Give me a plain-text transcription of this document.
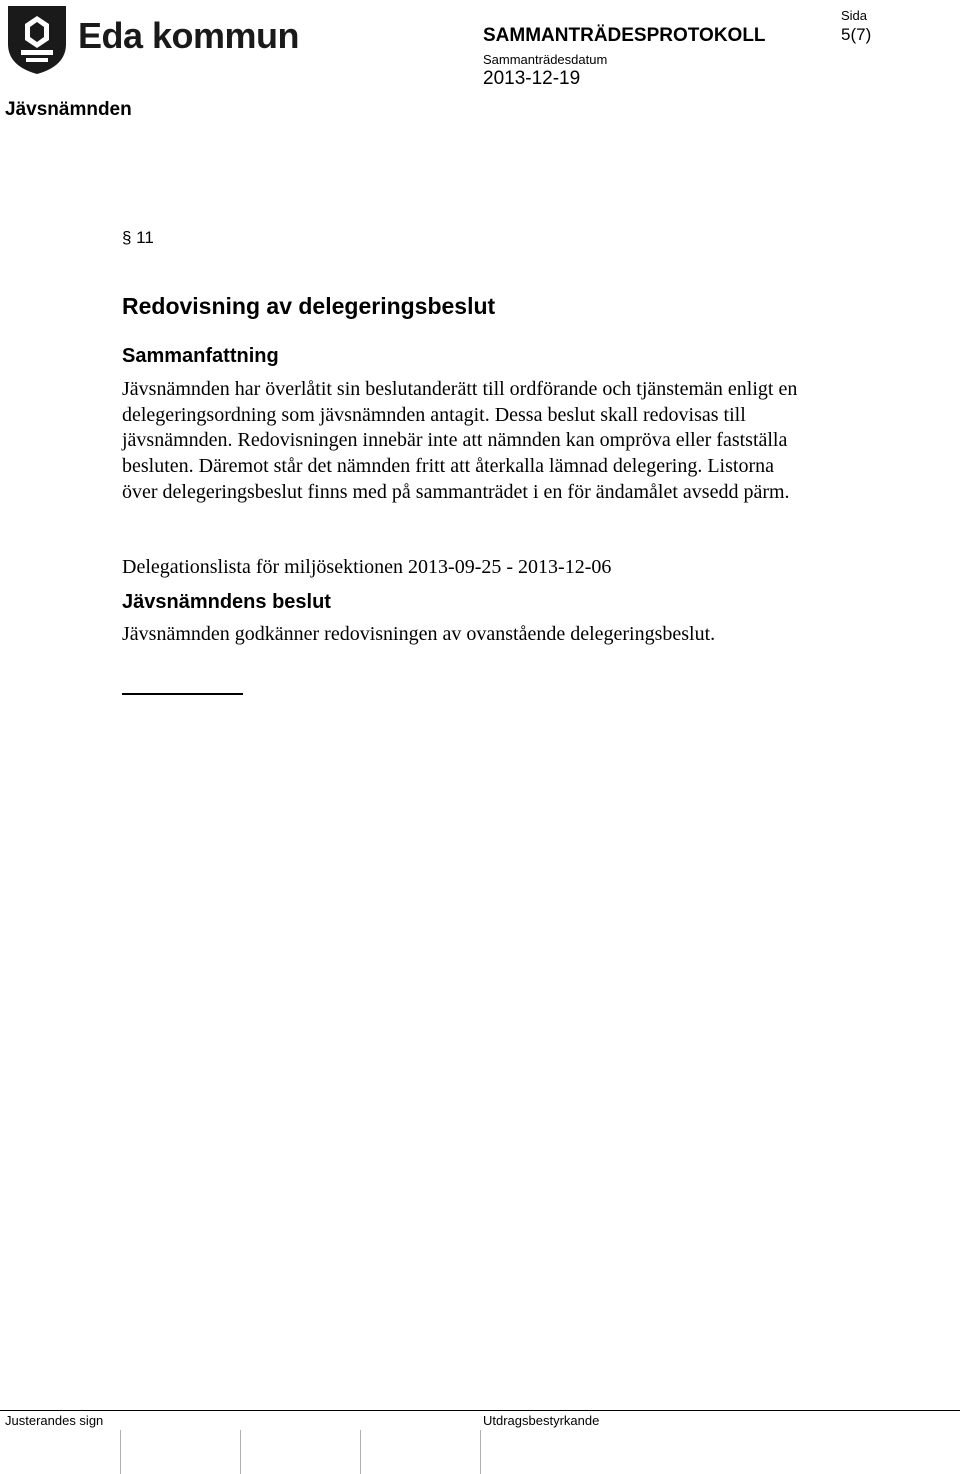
Eda kommun	SAMMANTRÄDESPROTOKOLL
Sammanträdesdatum
2013-12-19
Sida
5(7)
Jävsnämnden
§ 11
Redovisning av delegeringsbeslut
Sammanfattning
Jävsnämnden har överlåtit sin beslutanderätt till ordförande och tjänstemän enligt en delegeringsordning som jävsnämnden antagit. Dessa beslut skall redovisas till jävsnämnden. Redovisningen innebär inte att nämnden kan ompröva eller fastställa besluten. Däremot står det nämnden fritt att återkalla lämnad delegering. Listorna över delegeringsbeslut finns med på sammanträdet i en för ändamålet avsedd pärm.
Delegationslista för miljösektionen 2013-09-25 - 2013-12-06
Jävsnämndens beslut
Jävsnämnden godkänner redovisningen av ovanstående delegeringsbeslut.
Justerandes sign	Utdragsbestyrkande
